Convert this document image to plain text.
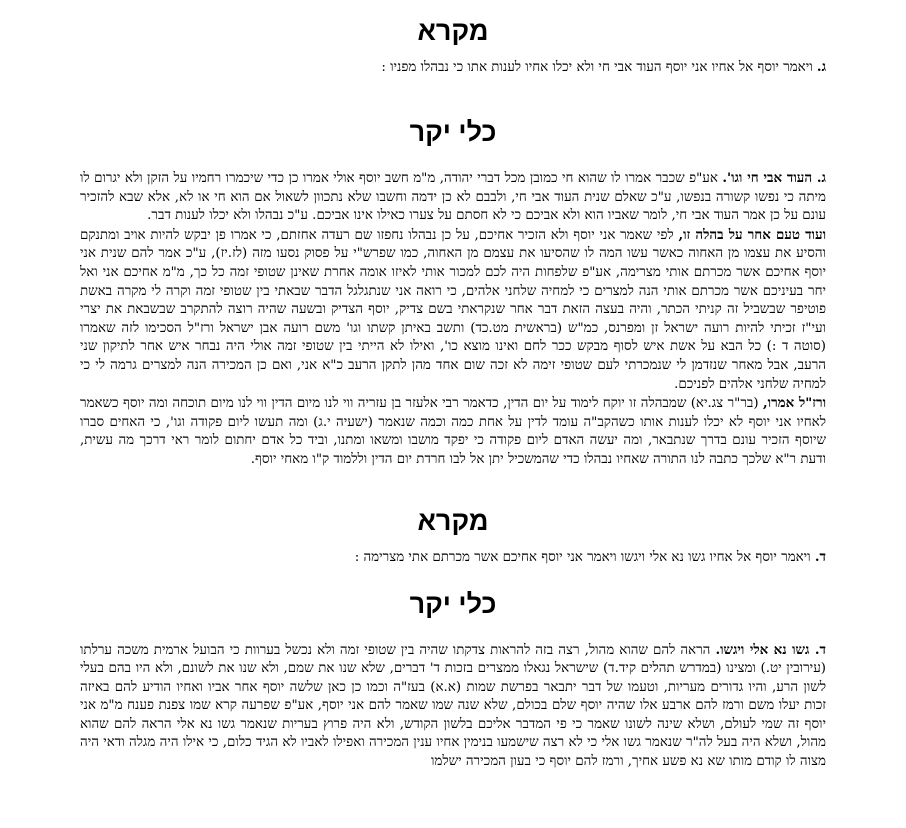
מקרא

ג. ויאמר יוסף אל אחיו אני יוסף העוד אבי חי ולא יכלו אחיו לענות אתו כי נבהלו מפניו :

כלי יקר

ג. העוד אבי חי וגו'. אע"פ שכבר אמרו לו שהוא חי כמובן מכל דברי יהודה, מ"מ חשב יוסף אולי אמרו כן כדי שיכמרו רחמיו על הזקן ולא יגרום לו מיתה כי נפשו קשורה בנפשו, ע"כ שאלם שנית העוד אבי חי, ולבבם לא כן ידמה וחשבו שלא נתכוון לשאול אם הוא חי או לא, אלא שבא להזכיר עונם על כן אמר העוד אבי חי, לומר שאביו הוא ולא אביכם כי לא חסתם על צערו כאילו אינו אביכם. ע"כ נבהלו ולא יכלו לענות דבר.

ועוד טעם אחר על בהלה זו, לפי שאמר אני יוסף ולא הזכיר אחיכם, על כן נבהלו נחפזו שם רעדה אחזתם, כי אמרו פן יבקש להיות אויב ומתנקם והסיע את עצמו מן האחוה כאשר עשו המה לו שהסיעו את עצמם מן האחוה, כמו שפרש"י על פסוק נסעו מזה (לז.יז), ע"כ אמר להם שנית אני יוסף אחיכם אשר מכרתם אותי מצרימה, אע"פ שלפחות היה לכם למכור אותי לאיזו אומה אחרת שאינן שטופי זמה כל כך, מ"מ אחיכם אני ואל יחר בעיניכם אשר מכרתם אותי הנה למצרים כי למחיה שלחני אלהים, כי רואה אני שנתגלגל הדבר שבאתי בין שטופי זמה וקרה לי מקרה באשת פוטיפר שבשביל זה קניתי הכתר, והיה בעצה הזאת דבר אחר שנקראתי בשם צדיק, יוסף הצדיק ובשעה שהיה רוצה להתקרב שבשבאת את יצרי ועי"ז זכיתי להיות רועה ישראל זן ומפרנס, כמ"ש (בראשית מט.כד) ותשב באיתן קשתו וגו' משם רועה אבן ישראל ורז"ל הסכימו לזה שאמרו (סוטה ד :) כל הבא על אשת איש לסוף מבקש ככר לחם ואינו מוצא כו', ואילו לא הייתי בין שטופי זמה אולי היה נבחר איש אחר לתיקון שני הרעב, אבל מאחר שנזדמן לי שנמכרתי לעם שטופי זימה לא זכה שום אחד מהן לתקן הרעב כ"א אני, ואם כן המכירה הנה למצרים גרמה לי כי למחיה שלחני אלהים לפניכם.

ורז"ל אמרו, (בר"ר צג.יא) שמבהלה זו יוקח לימוד על יום הדין, כדאמר רבי אלעזר בן עזריה ווי לנו מיום הדין ווי לנו מיום תוכחה ומה יוסף כשאמר לאחיו אני יוסף לא יכלו לענות אותו כשהקב"ה עומד לדין על אחת כמה וכמה שנאמר (ישעיה י.ג) ומה תעשו ליום פקודה וגו', כי האחים סברו שיוסף הזכיר עונם בדרך שנתבאר, ומה יעשה האדם ליום פקודה כי יפקד מושבו ומשאו ומתנו, וביד כל אדם יחתום לומר ראי דרכך מה עשית, ודעת ר"א שלכך כתבה לנו התורה שאחיו נבהלו כדי שהמשכיל יתן אל לבו חרדת יום הדין וללמוד ק"ו מאחי יוסף.

מקרא

ד. ויאמר יוסף אל אחיו גשו נא אלי ויגשו ויאמר אני יוסף אחיכם אשר מכרתם אתי מצרימה :

כלי יקר

ד. גשו נא אלי ויגשו. הראה להם שהוא מהול, רצה בזה להראות צדקתו שהיה בין שטופי זמה ולא נכשל בערוות כי הבועל ארמית משכה ערלתו (עירובין יט.) ומצינו (במדרש תהלים קיד.ד) שישראל נגאלו ממצרים בזכות ד' דברים, שלא שנו את שמם, ולא שנו את לשונם, ולא היו בהם בעלי לשון הרע, והיו גדורים מעריות, וטעמו של דבר יתבאר בפרשת שמות (א.א) בעז"ה וכמו כן כאן שלשה יוסף אחר אביו ואחיו הודיע להם באיזה זכות יעלו משם ורמז להם ארבע אלו שהיה יוסף שלם בכולם, שלא שנה שמו שאמר להם אני יוסף, אע"פ שפרעה קרא שמו צפנת פענח מ"מ אני יוסף זה שמי לעולם, ושלא שינה לשונו שאמר כי פי המדבר אליכם בלשון הקודש, ולא היה פרוץ בעריות שנאמר גשו נא אלי הראה להם שהוא מהול, ושלא היה בעל לה"ר שנאמר גשו אלי כי לא רצה שישמעו בנימין אחיו ענין המכירה ואפילו לאביו לא הגיד כלום, כי אילו היה מגלה ודאי היה מצוה לו קודם מותו שא נא פשע אחיך, ורמז להם יוסף כי בעון המכירה ישלמו
